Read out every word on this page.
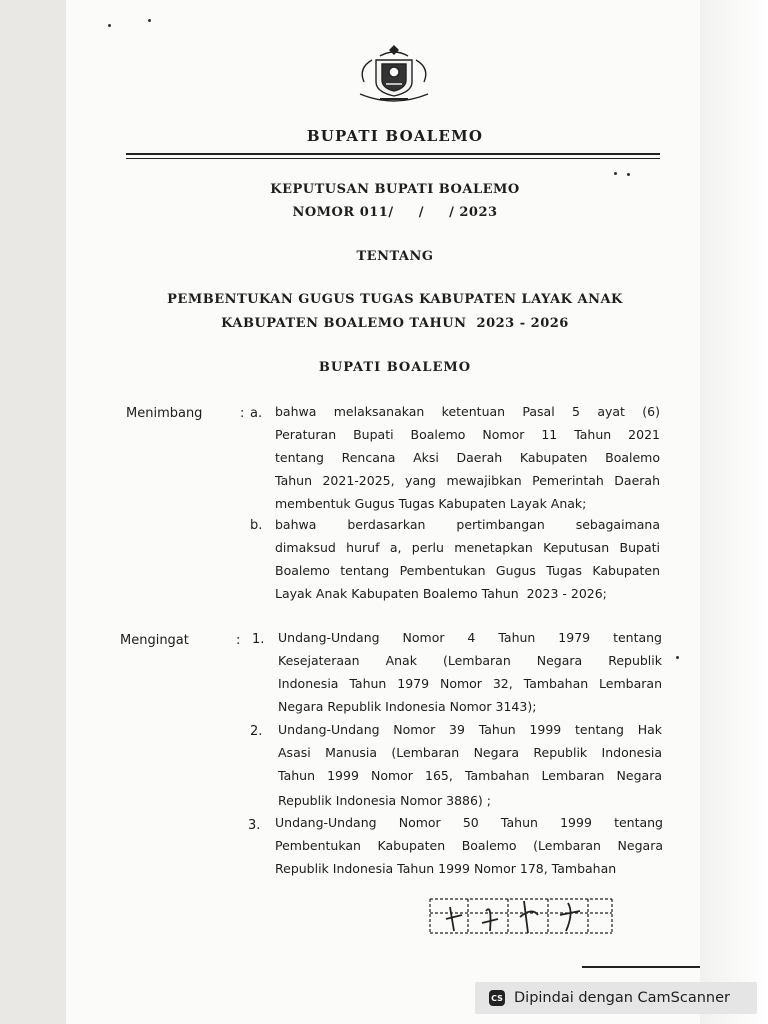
BUPATI BOALEMO
KEPUTUSAN BUPATI BOALEMO
NOMOR 011/     /     / 2023
TENTANG
PEMBENTUKAN GUGUS TUGAS KABUPATEN LAYAK ANAK
KABUPATEN BOALEMO TAHUN  2023 - 2026
BUPATI BOALEMO
Menimbang	: a. bahwa melaksanakan ketentuan Pasal 5 ayat (6)
Peraturan Bupati Boalemo Nomor 11 Tahun 2021
tentang Rencana Aksi Daerah Kabupaten Boalemo
Tahun 2021-2025, yang mewajibkan Pemerintah Daerah
membentuk Gugus Tugas Kabupaten Layak Anak;
b. bahwa berdasarkan pertimbangan sebagaimana
dimaksud huruf a, perlu menetapkan Keputusan Bupati
Boalemo tentang Pembentukan Gugus Tugas Kabupaten
Layak Anak Kabupaten Boalemo Tahun  2023 - 2026;
Mengingat	: 1. Undang-Undang Nomor 4 Tahun 1979 tentang
Kesejateraan Anak (Lembaran Negara Republik
Indonesia Tahun 1979 Nomor 32, Tambahan Lembaran
Negara Republik Indonesia Nomor 3143);
2. Undang-Undang Nomor 39 Tahun 1999 tentang Hak
Asasi Manusia (Lembaran Negara Republik Indonesia
Tahun 1999 Nomor 165, Tambahan Lembaran Negara
Republik Indonesia Nomor 3886) ;
3. Undang-Undang Nomor 50 Tahun 1999 tentang
Pembentukan Kabupaten Boalemo (Lembaran Negara
Republik Indonesia Tahun 1999 Nomor 178, Tambahan
CS Dipindai dengan CamScanner
